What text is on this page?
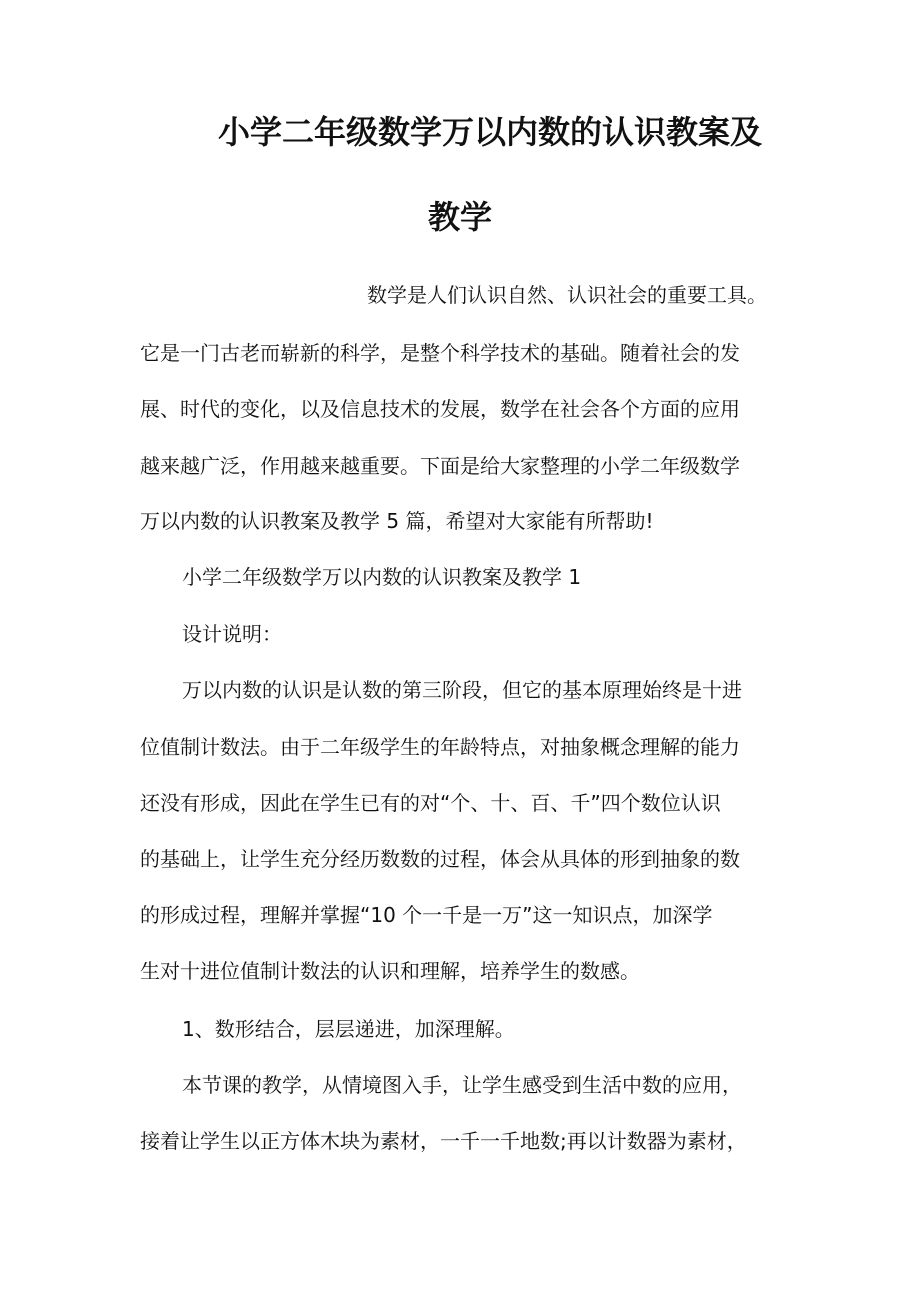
小学二年级数学万以内数的认识教案及
教学
数学是人们认识自然、认识社会的重要工具。
它是一门古老而崭新的科学，是整个科学技术的基础。随着社会的发
展、时代的变化，以及信息技术的发展，数学在社会各个方面的应用
越来越广泛，作用越来越重要。下面是给大家整理的小学二年级数学
万以内数的认识教案及教学 5 篇，希望对大家能有所帮助!
小学二年级数学万以内数的认识教案及教学 1
设计说明：
万以内数的认识是认数的第三阶段，但它的基本原理始终是十进
位值制计数法。由于二年级学生的年龄特点，对抽象概念理解的能力
还没有形成，因此在学生已有的对“个、十、百、千”四个数位认识
的基础上，让学生充分经历数数的过程，体会从具体的形到抽象的数
的形成过程，理解并掌握“10 个一千是一万”这一知识点，加深学
生对十进位值制计数法的认识和理解，培养学生的数感。
1、数形结合，层层递进，加深理解。
本节课的教学，从情境图入手，让学生感受到生活中数的应用，
接着让学生以正方体木块为素材，一千一千地数;再以计数器为素材，
